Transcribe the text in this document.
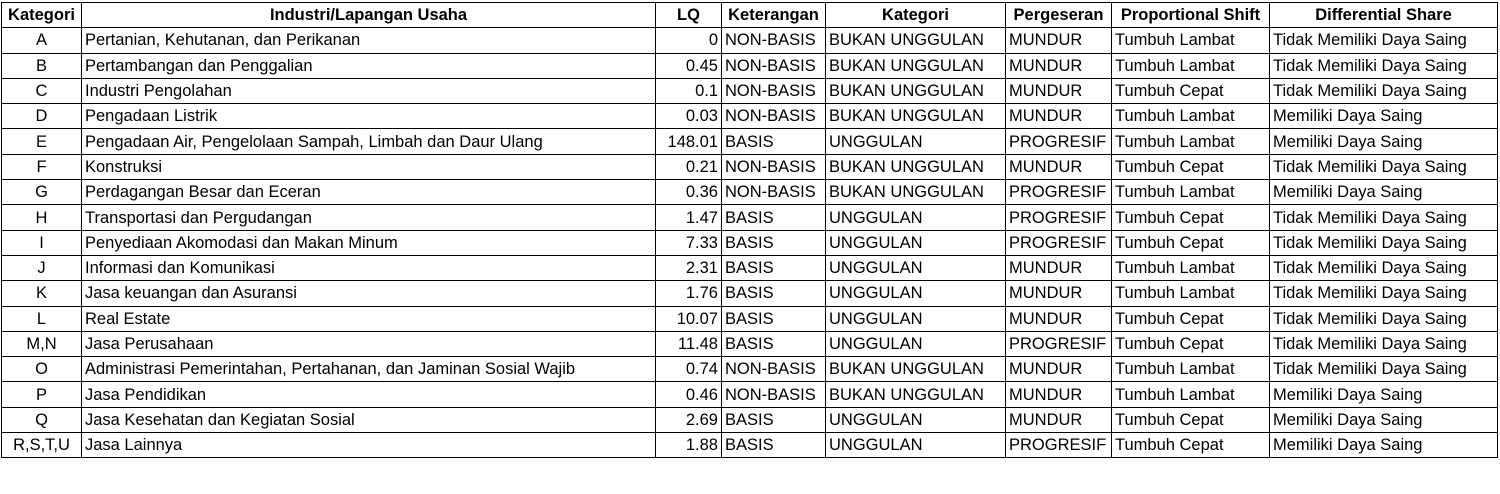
Kategori	Industri/Lapangan Usaha	LQ	Keterangan	Kategori	Pergeseran	Proportional Shift	Differential Share
A	Pertanian, Kehutanan, dan Perikanan	0	NON-BASIS	BUKAN UNGGULAN	MUNDUR	Tumbuh Lambat	Tidak Memiliki Daya Saing
B	Pertambangan dan Penggalian	0.45	NON-BASIS	BUKAN UNGGULAN	MUNDUR	Tumbuh Lambat	Tidak Memiliki Daya Saing
C	Industri Pengolahan	0.1	NON-BASIS	BUKAN UNGGULAN	MUNDUR	Tumbuh Cepat	Tidak Memiliki Daya Saing
D	Pengadaan Listrik	0.03	NON-BASIS	BUKAN UNGGULAN	MUNDUR	Tumbuh Lambat	Memiliki Daya Saing
E	Pengadaan Air, Pengelolaan Sampah, Limbah dan Daur Ulang	148.01	BASIS	UNGGULAN	PROGRESIF	Tumbuh Lambat	Memiliki Daya Saing
F	Konstruksi	0.21	NON-BASIS	BUKAN UNGGULAN	MUNDUR	Tumbuh Cepat	Tidak Memiliki Daya Saing
G	Perdagangan Besar dan Eceran	0.36	NON-BASIS	BUKAN UNGGULAN	PROGRESIF	Tumbuh Lambat	Memiliki Daya Saing
H	Transportasi dan Pergudangan	1.47	BASIS	UNGGULAN	PROGRESIF	Tumbuh Cepat	Tidak Memiliki Daya Saing
I	Penyediaan Akomodasi dan Makan Minum	7.33	BASIS	UNGGULAN	PROGRESIF	Tumbuh Cepat	Tidak Memiliki Daya Saing
J	Informasi dan Komunikasi	2.31	BASIS	UNGGULAN	MUNDUR	Tumbuh Lambat	Tidak Memiliki Daya Saing
K	Jasa keuangan dan Asuransi	1.76	BASIS	UNGGULAN	MUNDUR	Tumbuh Lambat	Tidak Memiliki Daya Saing
L	Real Estate	10.07	BASIS	UNGGULAN	MUNDUR	Tumbuh Cepat	Tidak Memiliki Daya Saing
M,N	Jasa Perusahaan	11.48	BASIS	UNGGULAN	PROGRESIF	Tumbuh Cepat	Tidak Memiliki Daya Saing
O	Administrasi Pemerintahan, Pertahanan, dan Jaminan Sosial Wajib	0.74	NON-BASIS	BUKAN UNGGULAN	MUNDUR	Tumbuh Lambat	Tidak Memiliki Daya Saing
P	Jasa Pendidikan	0.46	NON-BASIS	BUKAN UNGGULAN	MUNDUR	Tumbuh Lambat	Memiliki Daya Saing
Q	Jasa Kesehatan dan Kegiatan Sosial	2.69	BASIS	UNGGULAN	MUNDUR	Tumbuh Cepat	Memiliki Daya Saing
R,S,T,U	Jasa Lainnya	1.88	BASIS	UNGGULAN	PROGRESIF	Tumbuh Cepat	Memiliki Daya Saing
